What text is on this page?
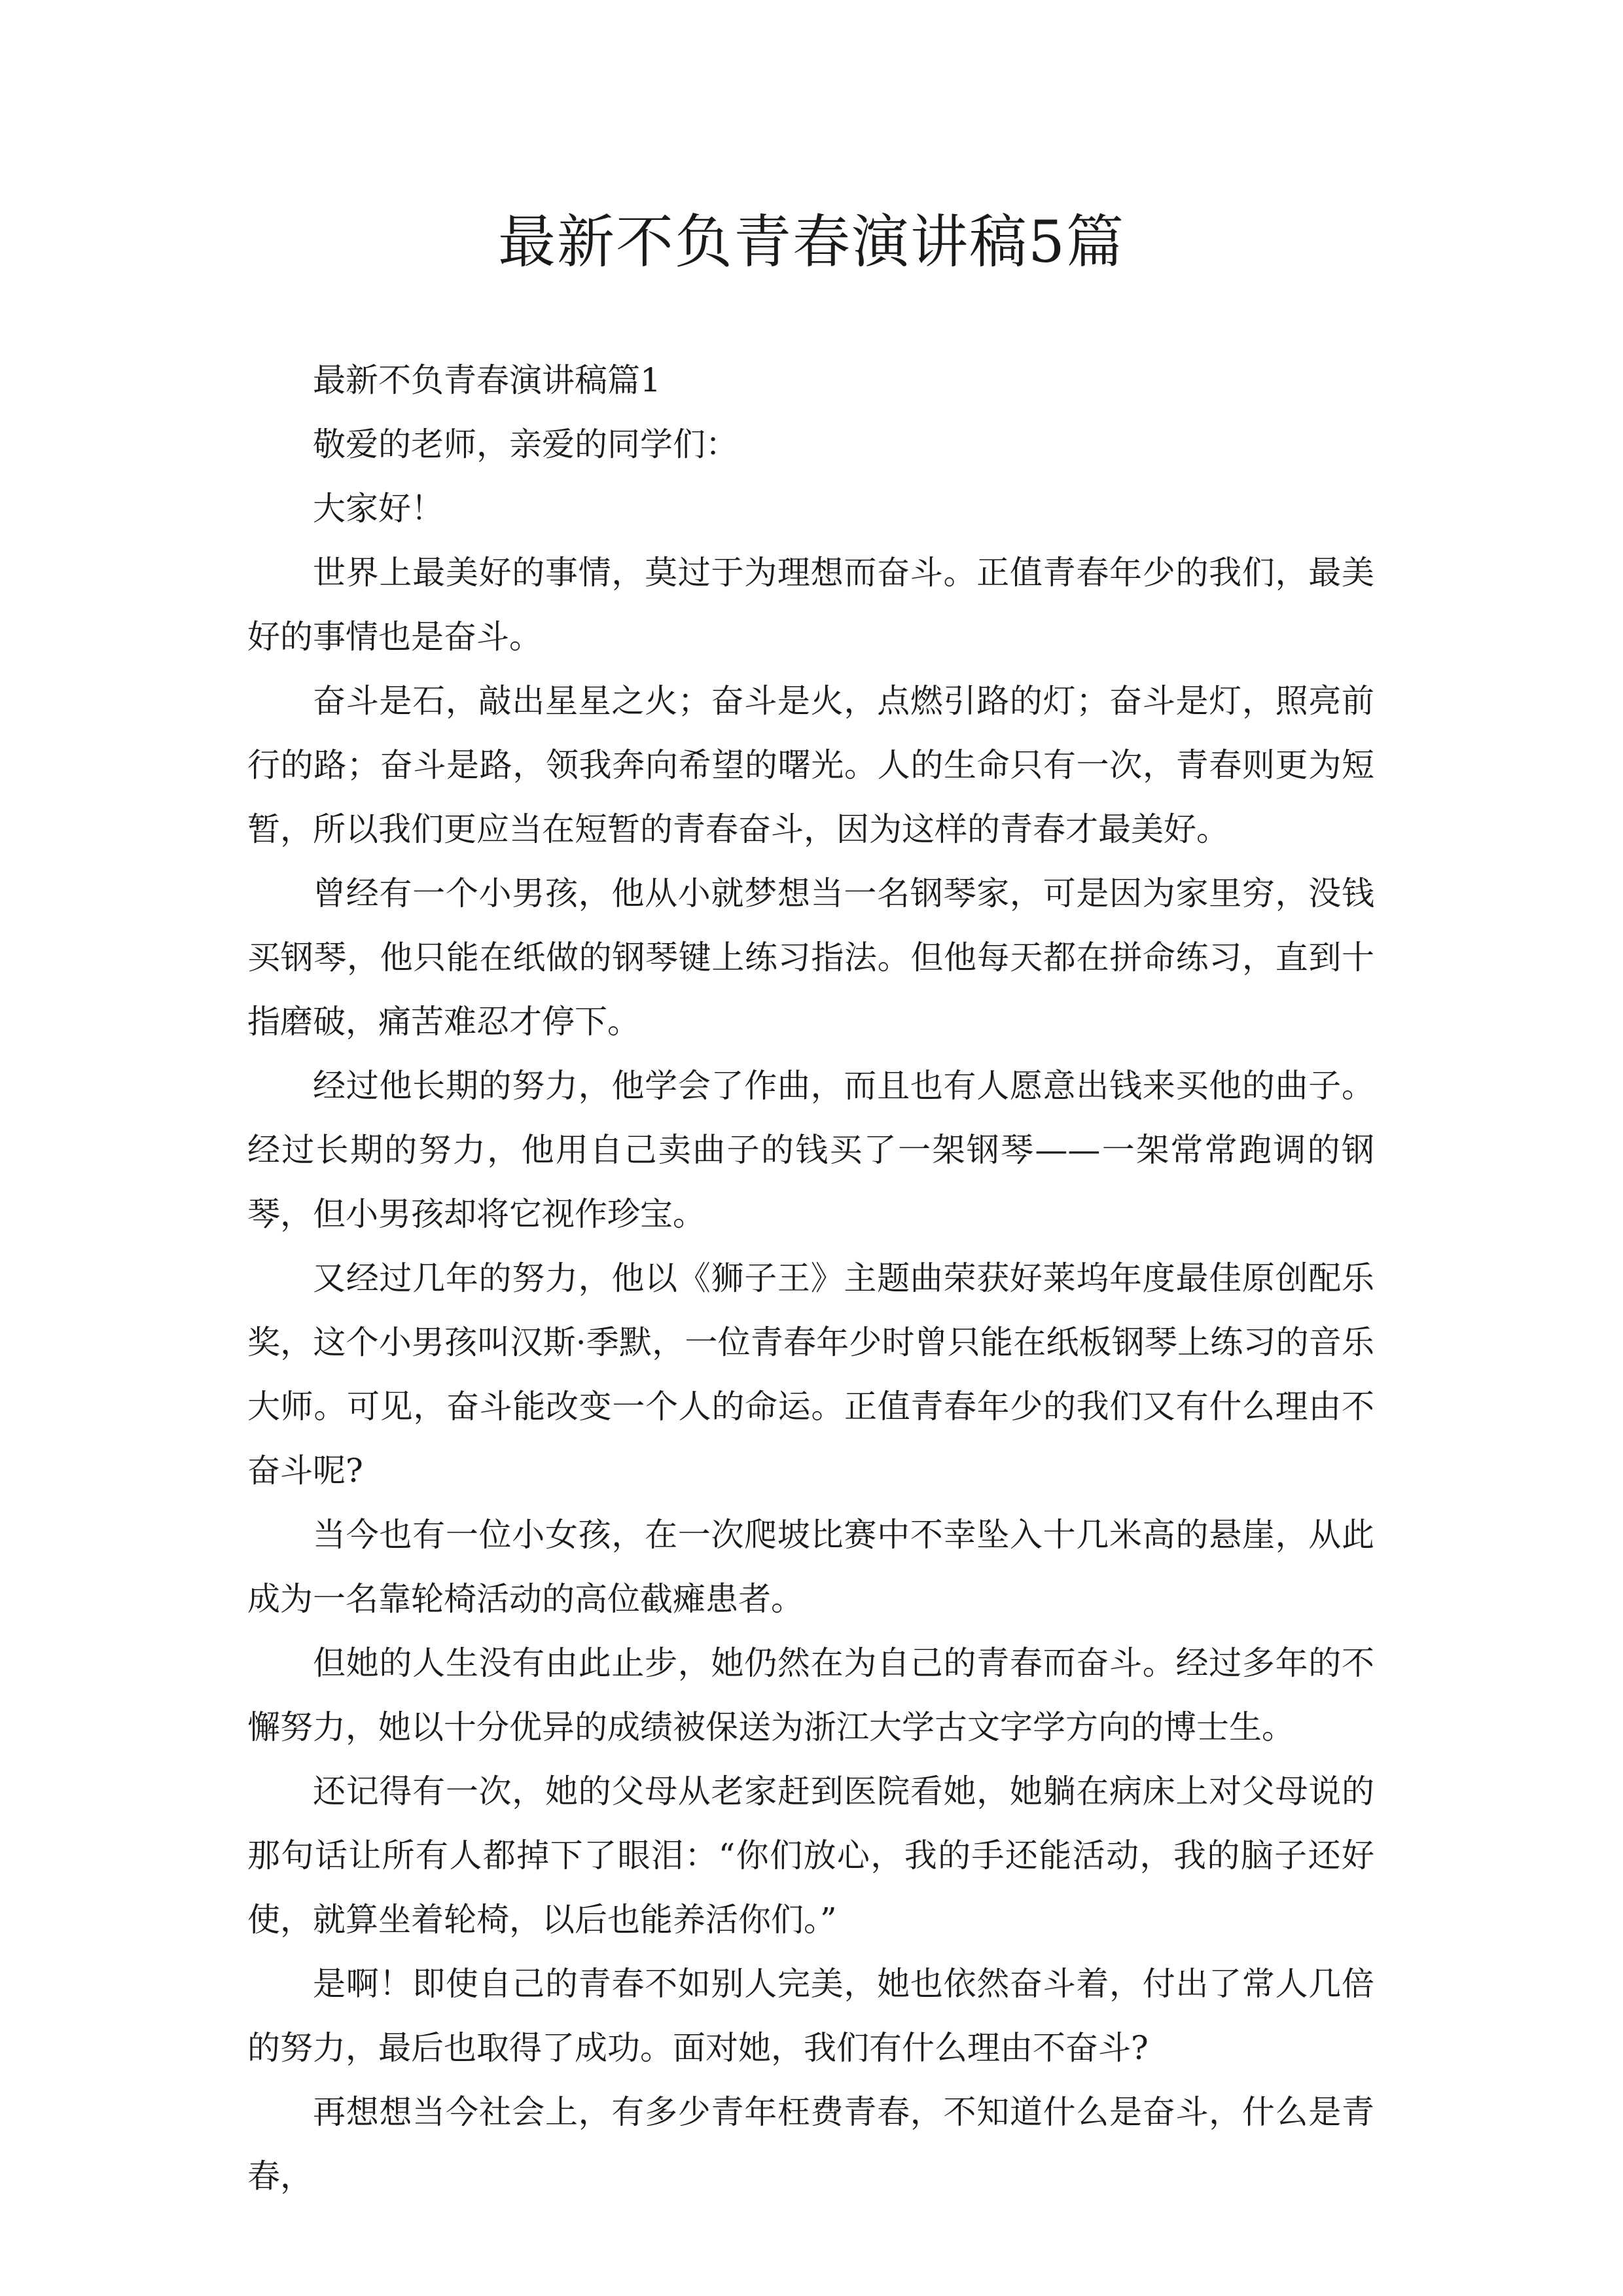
最新不负青春演讲稿5篇

最新不负青春演讲稿篇1

敬爱的老师，亲爱的同学们：

大家好！

世界上最美好的事情，莫过于为理想而奋斗。正值青春年少的我们，最美好的事情也是奋斗。

奋斗是石，敲出星星之火；奋斗是火，点燃引路的灯；奋斗是灯，照亮前行的路；奋斗是路，领我奔向希望的曙光。人的生命只有一次，青春则更为短暂，所以我们更应当在短暂的青春奋斗，因为这样的青春才最美好。

曾经有一个小男孩，他从小就梦想当一名钢琴家，可是因为家里穷，没钱买钢琴，他只能在纸做的钢琴键上练习指法。但他每天都在拼命练习，直到十指磨破，痛苦难忍才停下。

经过他长期的努力，他学会了作曲，而且也有人愿意出钱来买他的曲子。经过长期的努力，他用自己卖曲子的钱买了一架钢琴——一架常常跑调的钢琴，但小男孩却将它视作珍宝。

又经过几年的努力，他以《狮子王》主题曲荣获好莱坞年度最佳原创配乐奖，这个小男孩叫汉斯·季默，一位青春年少时曾只能在纸板钢琴上练习的音乐大师。可见，奋斗能改变一个人的命运。正值青春年少的我们又有什么理由不奋斗呢?

当今也有一位小女孩，在一次爬坡比赛中不幸坠入十几米高的悬崖，从此成为一名靠轮椅活动的高位截瘫患者。

但她的人生没有由此止步，她仍然在为自己的青春而奋斗。经过多年的不懈努力，她以十分优异的成绩被保送为浙江大学古文字学方向的博士生。

还记得有一次，她的父母从老家赶到医院看她，她躺在病床上对父母说的那句话让所有人都掉下了眼泪：“你们放心，我的手还能活动，我的脑子还好使，就算坐着轮椅，以后也能养活你们。”

是啊！即使自己的青春不如别人完美，她也依然奋斗着，付出了常人几倍的努力，最后也取得了成功。面对她，我们有什么理由不奋斗?

再想想当今社会上，有多少青年枉费青春，不知道什么是奋斗，什么是青春，
